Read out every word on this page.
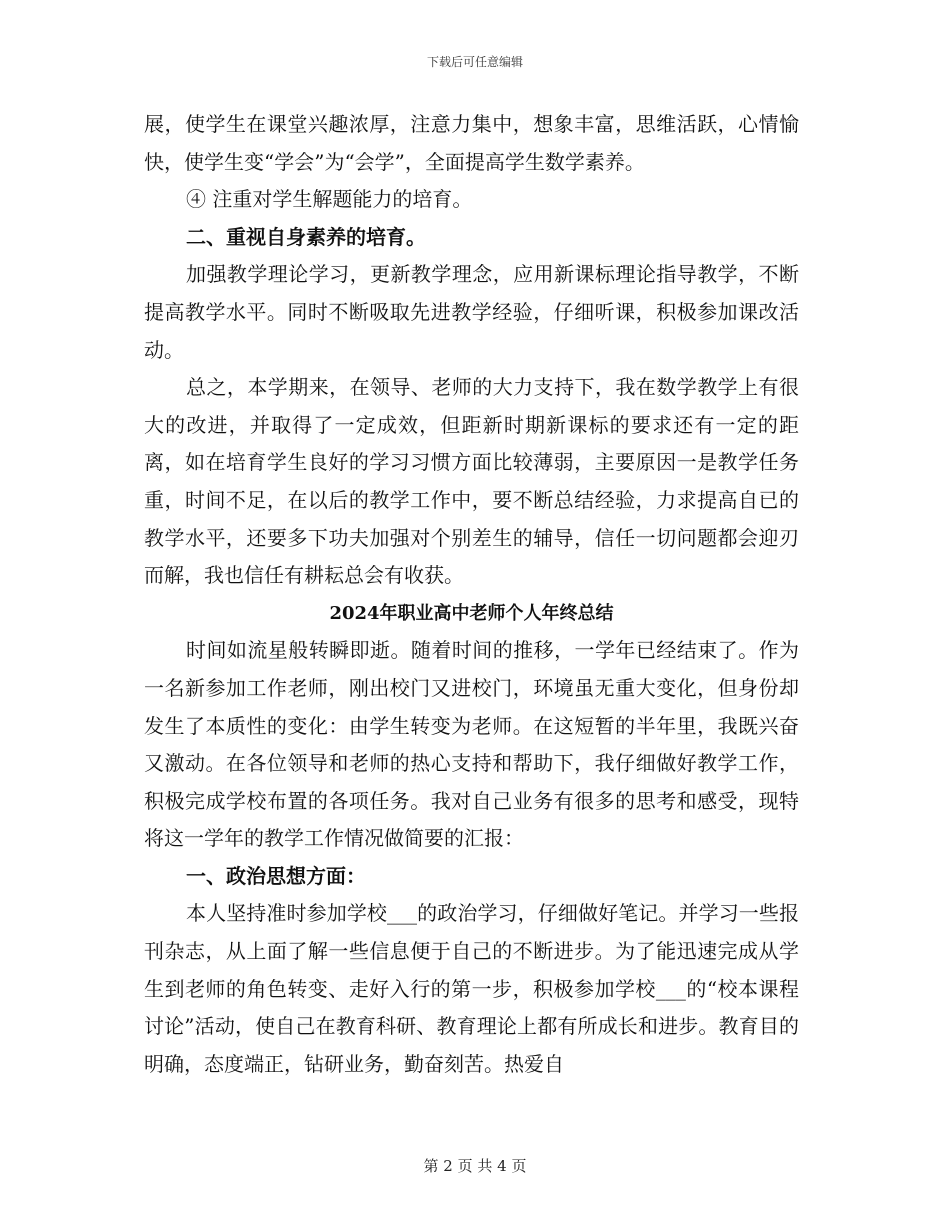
下载后可任意编辑

展，使学生在课堂兴趣浓厚，注意力集中，想象丰富，思维活跃，心情愉快，使学生变“学会”为“会学”，全面提高学生数学素养。

④ 注重对学生解题能力的培育。

二、重视自身素养的培育。

加强教学理论学习，更新教学理念，应用新课标理论指导教学，不断提高教学水平。同时不断吸取先进教学经验，仔细听课，积极参加课改活动。

总之，本学期来，在领导、老师的大力支持下，我在数学教学上有很大的改进，并取得了一定成效，但距新时期新课标的要求还有一定的距离，如在培育学生良好的学习习惯方面比较薄弱，主要原因一是教学任务重，时间不足，在以后的教学工作中，要不断总结经验，力求提高自已的教学水平，还要多下功夫加强对个别差生的辅导，信任一切问题都会迎刃而解，我也信任有耕耘总会有收获。

2024年职业高中老师个人年终总结

时间如流星般转瞬即逝。随着时间的推移，一学年已经结束了。作为一名新参加工作老师，刚出校门又进校门，环境虽无重大变化，但身份却发生了本质性的变化：由学生转变为老师。在这短暂的半年里，我既兴奋又激动。在各位领导和老师的热心支持和帮助下，我仔细做好教学工作，积极完成学校布置的各项任务。我对自己业务有很多的思考和感受，现特将这一学年的教学工作情况做简要的汇报：

一、政治思想方面：

本人坚持准时参加学校___的政治学习，仔细做好笔记。并学习一些报刊杂志，从上面了解一些信息便于自己的不断进步。为了能迅速完成从学生到老师的角色转变、走好入行的第一步，积极参加学校___的“校本课程讨论”活动，使自己在教育科研、教育理论上都有所成长和进步。教育目的明确，态度端正，钻研业务，勤奋刻苦。热爱自

第 2 页 共 4 页
